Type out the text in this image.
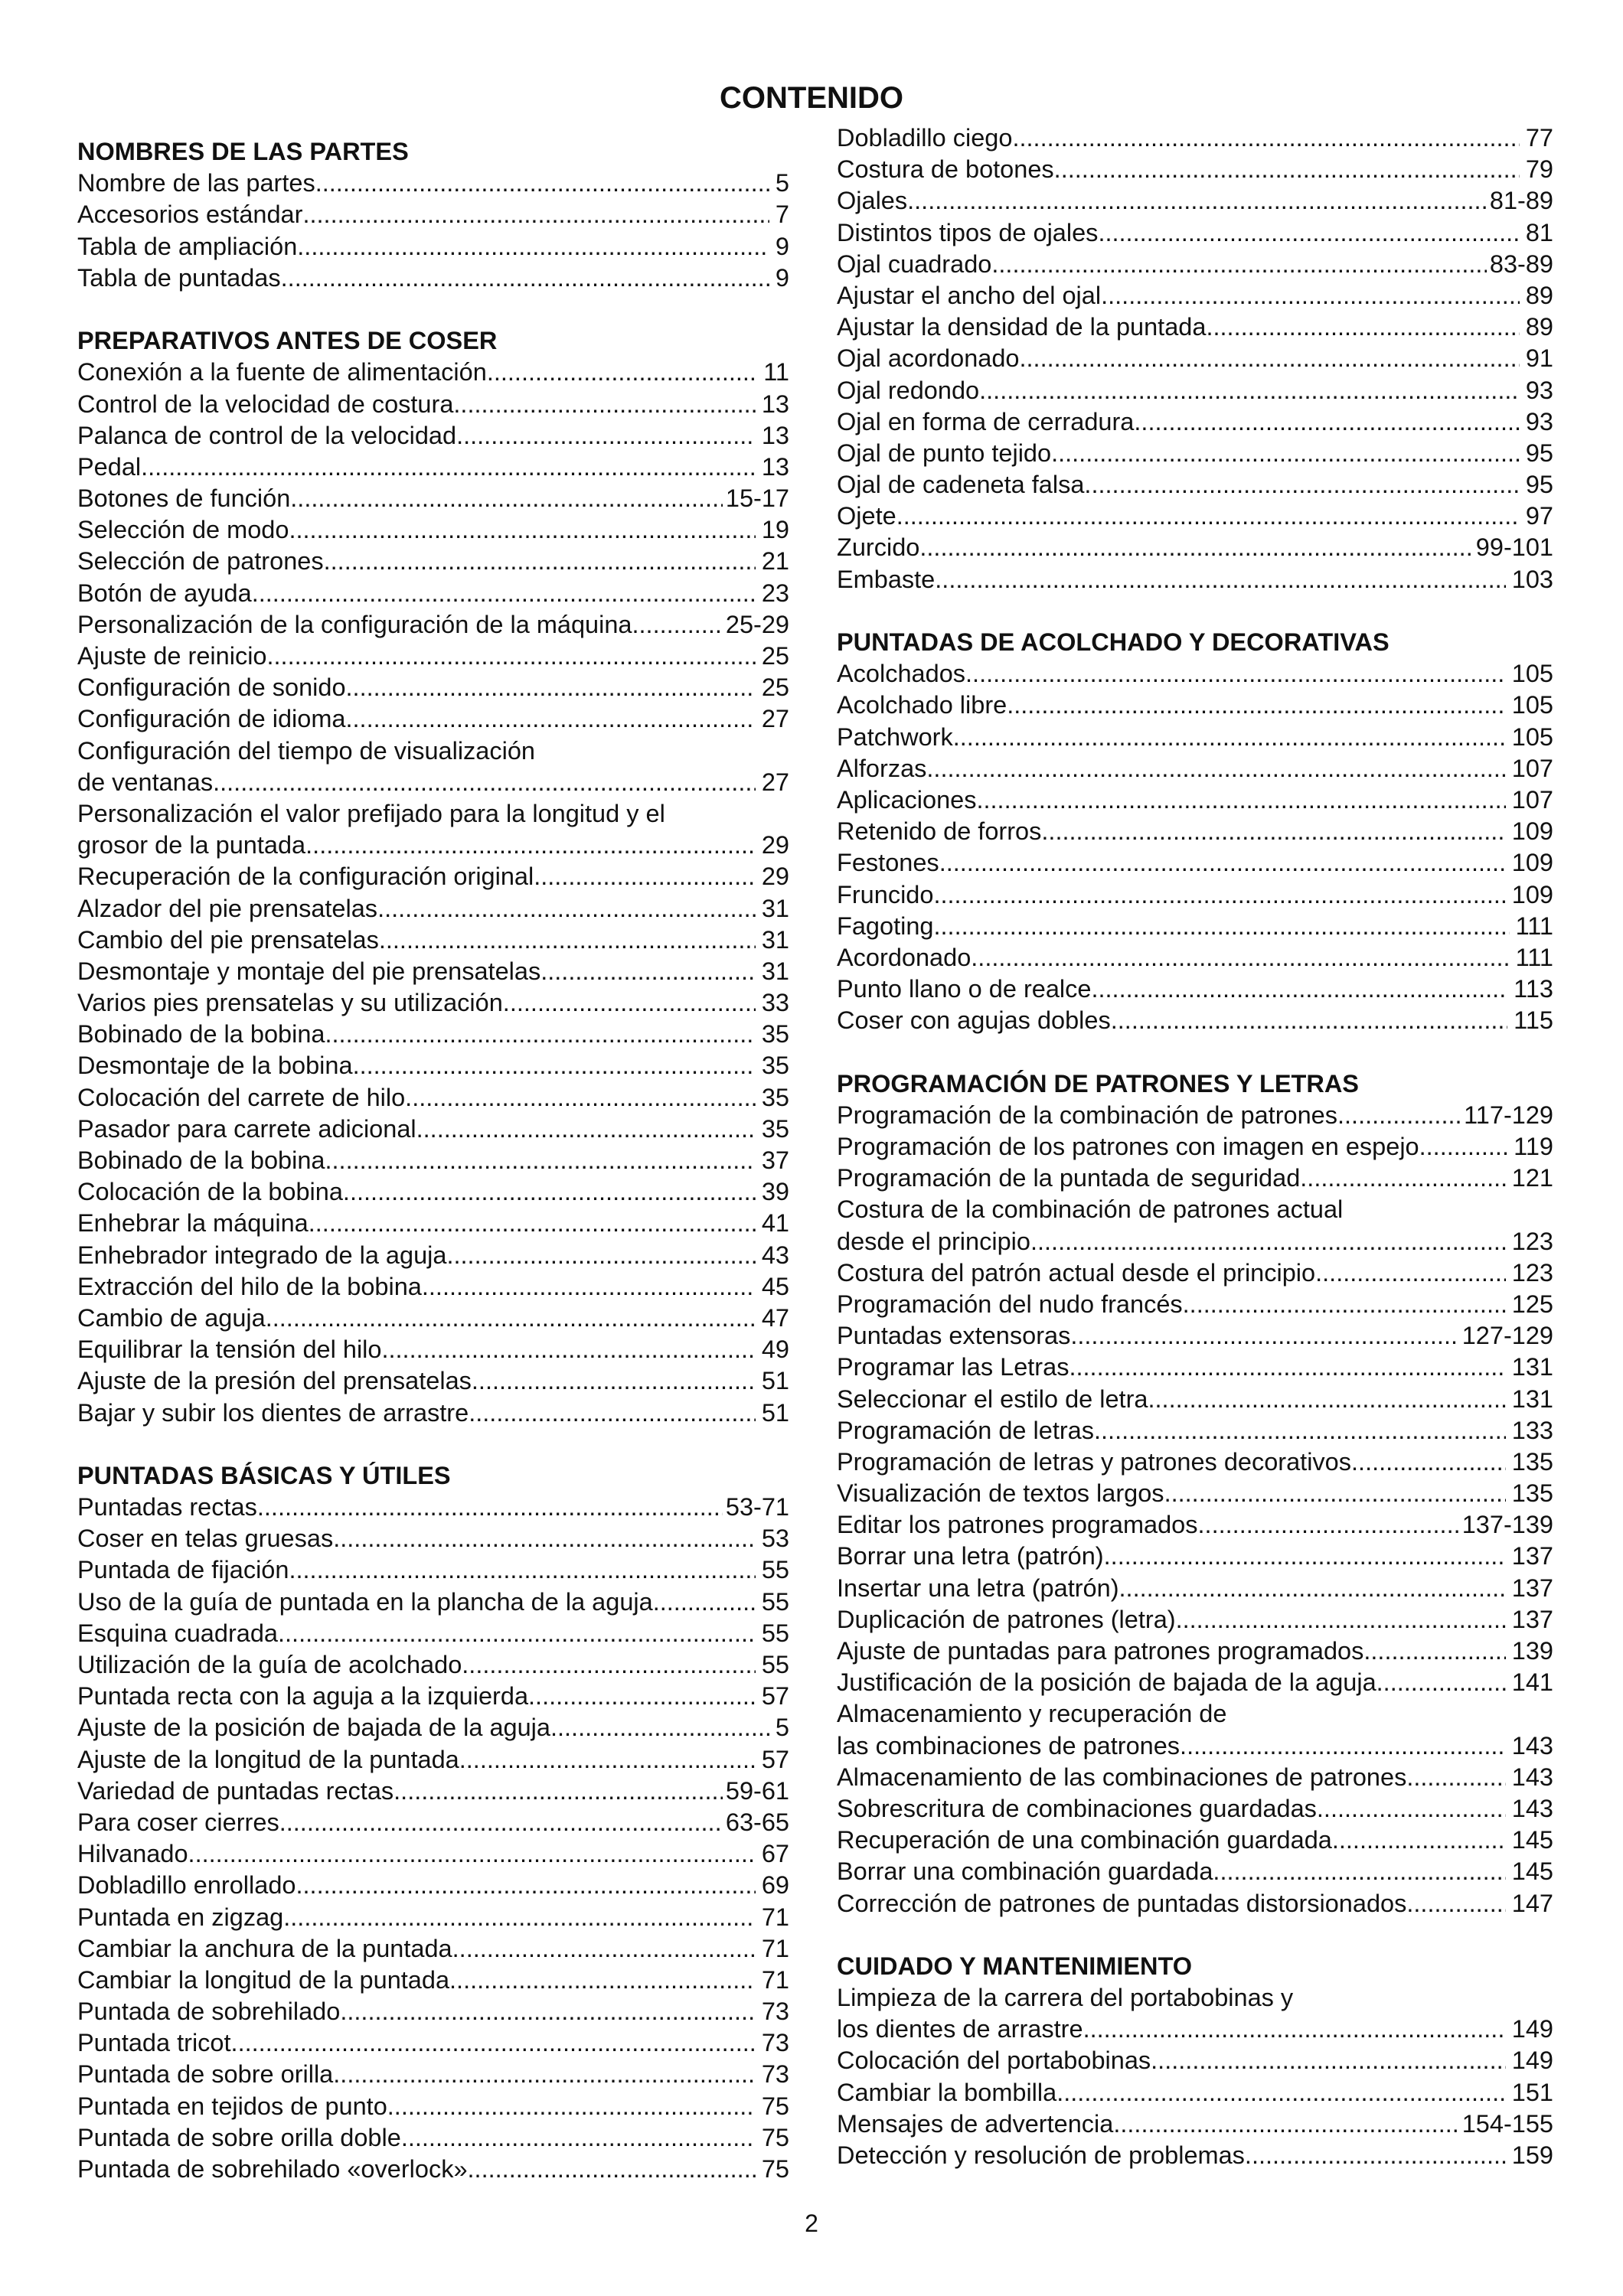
CONTENIDO
NOMBRES DE LAS PARTES
Nombre de las partes .....	5
Accesorios estándar .....	7
Tabla de ampliación .....	9
Tabla de puntadas .....	9
PREPARATIVOS ANTES DE COSER
Conexión a la fuente de alimentación .....	11
Control de la velocidad de costura .....	13
Palanca de control de la velocidad .....	13
Pedal. .....	13
Botones de función. .....	15-17
Selección de modo .....	19
Selección de patrones .....	21
Botón de ayuda .....	23
Personalización de la configuración de la máquina .....	25-29
Ajuste de reinicio .....	25
Configuración de sonido .....	25
Configuración de idioma. .....	27
Configuración del tiempo de visualización
de ventanas .....	27
Personalización el valor prefijado para la longitud y el
grosor de la puntada .....	29
Recuperación de la configuración original .....	29
Alzador del pie prensatelas .....	31
Cambio del pie prensatelas .....	31
Desmontaje y montaje del pie prensatelas .....	31
Varios pies prensatelas y su utilización .....	33
Bobinado de la bobina .....	35
Desmontaje de la bobina .....	35
Colocación del carrete de hilo .....	35
Pasador para carrete adicional .....	35
Bobinado de la bobina .....	37
Colocación de la bobina .....	39
Enhebrar la máquina .....	41
Enhebrador integrado de la aguja .....	43
Extracción del hilo de la bobina .....	45
Cambio de aguja .....	47
Equilibrar la tensión del hilo .....	49
Ajuste de la presión del prensatelas .....	51
Bajar y subir los dientes de arrastre .....	51
PUNTADAS BÁSICAS Y ÚTILES
Puntadas rectas .....	53-71
Coser en telas gruesas .....	53
Puntada de fijación .....	55
Uso de la guía de puntada en la plancha de la aguja .....	55
Esquina cuadrada .....	55
Utilización de la guía de acolchado .....	55
Puntada recta con la aguja a la izquierda .....	57
Ajuste de la posición de bajada de la aguja .....	5
Ajuste de la longitud de la puntada .....	57
Variedad de puntadas rectas .....	59-61
Para coser cierres .....	63-65
Hilvanado .....	67
Dobladillo enrollado .....	69
Puntada en zigzag .....	71
Cambiar la anchura de la puntada .....	71
Cambiar la longitud de la puntada .....	71
Puntada de sobrehilado .....	73
Puntada tricot .....	73
Puntada de sobre orilla .....	73
Puntada en tejidos de punto .....	75
Puntada de sobre orilla doble .....	75
Puntada de sobrehilado «overlock» .....	75
Dobladillo ciego .....	77
Costura de botones .....	79
Ojales .....	81-89
Distintos tipos de ojales .....	81
Ojal cuadrado .....	83-89
Ajustar el ancho del ojal .....	89
Ajustar la densidad de la puntada .....	89
Ojal acordonado .....	91
Ojal redondo .....	93
Ojal en forma de cerradura .....	93
Ojal de punto tejido .....	95
Ojal de cadeneta falsa .....	95
Ojete .....	97
Zurcido .....	99-101
Embaste .....	103
PUNTADAS DE ACOLCHADO Y DECORATIVAS
Acolchados .....	105
Acolchado libre .....	105
Patchwork .....	105
Alforzas .....	107
Aplicaciones .....	107
Retenido de forros .....	109
Festones .....	109
Fruncido .....	109
Fagoting .....	111
Acordonado .....	111
Punto llano o de realce .....	113
Coser con agujas dobles .....	115
PROGRAMACIÓN DE PATRONES Y LETRAS
Programación de la combinación de patrones .....	117-129
Programación de los patrones con imagen en espejo .....	119
Programación de la puntada de seguridad .....	121
Costura de la combinación de patrones actual
desde el principio .....	123
Costura del patrón actual desde el principio .....	123
Programación del nudo francés .....	125
Puntadas extensoras .....	127-129
Programar las Letras .....	131
Seleccionar el estilo de letra .....	131
Programación de letras .....	133
Programación de letras y patrones decorativos .....	135
Visualización de textos largos .....	135
Editar los patrones programados .....	137-139
Borrar una letra (patrón) .....	137
Insertar una letra (patrón) .....	137
Duplicación de patrones (letra) .....	137
Ajuste de puntadas para patrones programados .....	139
Justificación de la posición de bajada de la aguja .....	141
Almacenamiento y recuperación de
las combinaciones de patrones. .....	143
Almacenamiento de las combinaciones de patrones .....	143
Sobrescritura de combinaciones guardadas .....	143
Recuperación de una combinación guardada .....	145
Borrar una combinación guardada .....	145
Corrección de patrones de puntadas distorsionados .....	147
CUIDADO Y MANTENIMIENTO
Limpieza de la carrera del portabobinas y
los dientes de arrastre .....	149
Colocación del portabobinas .....	149
Cambiar la bombilla .....	151
Mensajes de advertencia .....	154-155
Detección y resolución de problemas .....	159
2
